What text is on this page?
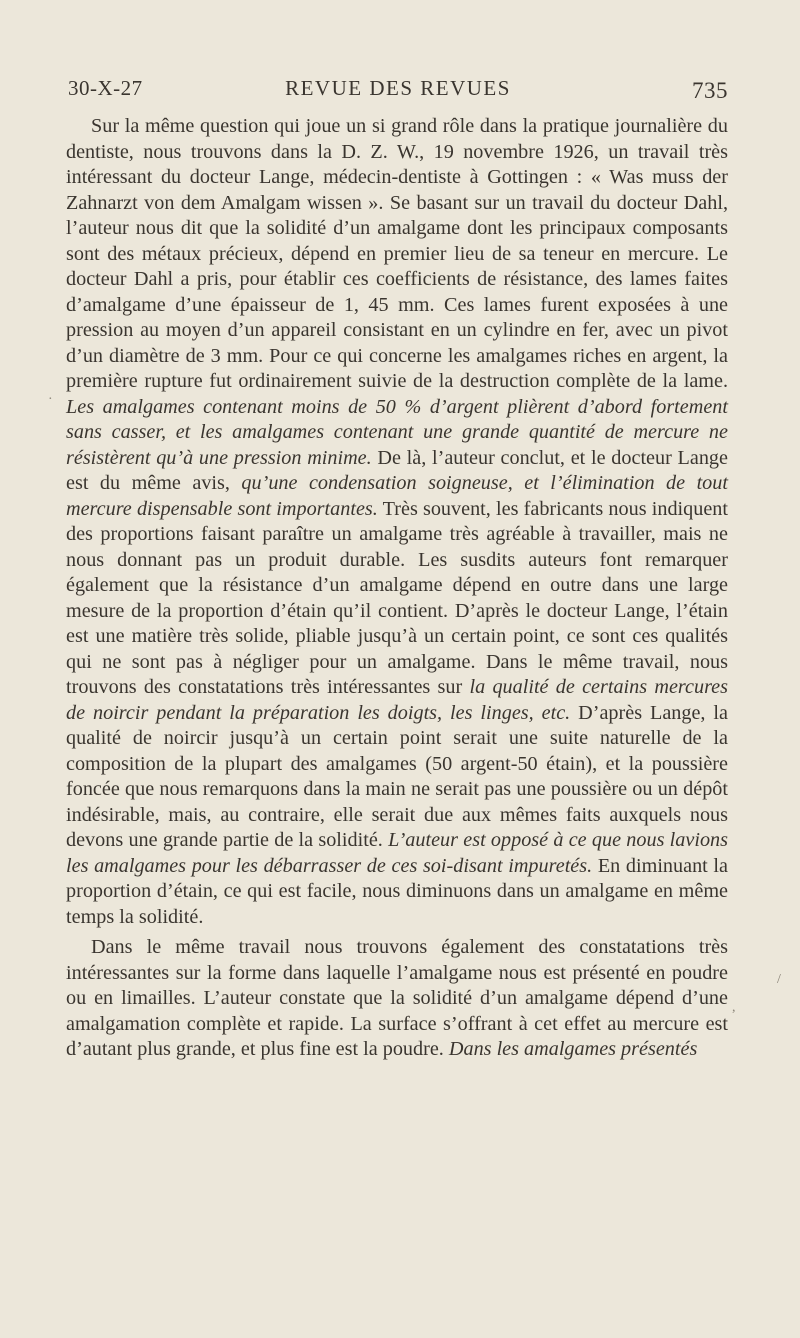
30-X-27	REVUE DES REVUES	735

Sur la même question qui joue un si grand rôle dans la pratique journalière du dentiste, nous trouvons dans la D. Z. W., 19 novembre 1926, un travail très intéressant du docteur Lange, médecin-dentiste à Gottingen : « Was muss der Zahnarzt von dem Amalgam wissen ». Se basant sur un travail du docteur Dahl, l’auteur nous dit que la solidité d’un amalgame dont les principaux composants sont des métaux précieux, dépend en premier lieu de sa teneur en mercure. Le docteur Dahl a pris, pour établir ces coefficients de résistance, des lames faites d’amalgame d’une épaisseur de 1, 45 mm. Ces lames furent exposées à une pression au moyen d’un appareil consistant en un cylindre en fer, avec un pivot d’un diamètre de 3 mm. Pour ce qui concerne les amalgames riches en argent, la première rupture fut ordinairement suivie de la destruction complète de la lame. Les amalgames contenant moins de 50 % d’argent plièrent d’abord fortement sans casser, et les amalgames contenant une grande quantité de mercure ne résistèrent qu’à une pression minime. De là, l’auteur conclut, et le docteur Lange est du même avis, qu’une condensation soigneuse, et l’élimination de tout mercure dispensable sont importantes. Très souvent, les fabricants nous indiquent des proportions faisant paraître un amalgame très agréable à travailler, mais ne nous donnant pas un produit durable. Les susdits auteurs font remarquer également que la résistance d’un amalgame dépend en outre dans une large mesure de la proportion d’étain qu’il contient. D’après le docteur Lange, l’étain est une matière très solide, pliable jusqu’à un certain point, ce sont ces qualités qui ne sont pas à négliger pour un amalgame. Dans le même travail, nous trouvons des constatations très intéressantes sur la qualité de certains mercures de noircir pendant la préparation les doigts, les linges, etc. D’après Lange, la qualité de noircir jusqu’à un certain point serait une suite naturelle de la composition de la plupart des amalgames (50 argent-50 étain), et la poussière foncée que nous remarquons dans la main ne serait pas une poussière ou un dépôt indésirable, mais, au contraire, elle serait due aux mêmes faits auxquels nous devons une grande partie de la solidité. L’auteur est opposé à ce que nous lavions les amalgames pour les débarrasser de ces soi-disant impuretés. En diminuant la proportion d’étain, ce qui est facile, nous diminuons dans un amalgame en même temps la solidité.

Dans le même travail nous trouvons également des constatations très intéressantes sur la forme dans laquelle l’amalgame nous est présenté en poudre ou en limailles. L’auteur constate que la solidité d’un amalgame dépend d’une amalgamation complète et rapide. La surface s’offrant à cet effet au mercure est d’autant plus grande, et plus fine est la poudre. Dans les amalgames présentés

·
/
,
